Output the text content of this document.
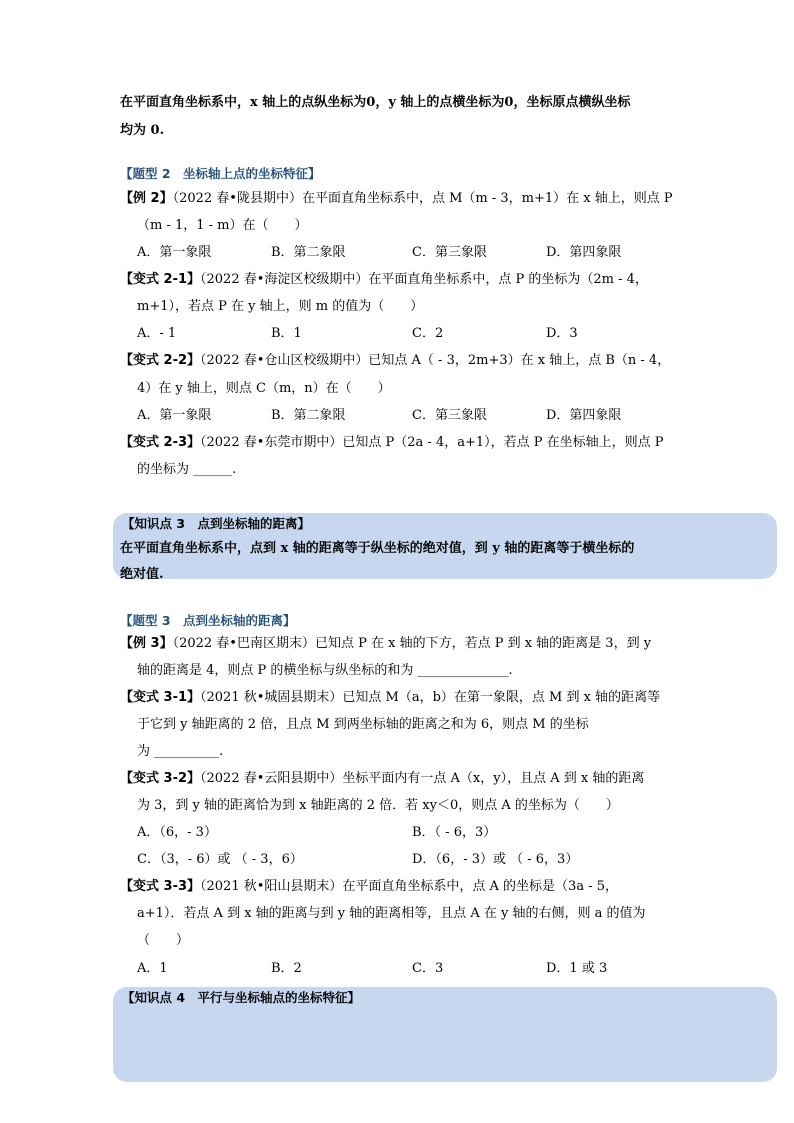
在平面直角坐标系中，x 轴上的点纵坐标为0，y 轴上的点横坐标为0，坐标原点横纵坐标
均为 0.
【题型 2　坐标轴上点的坐标特征】
【例 2】（2022 春•陇县期中）在平面直角坐标系中，点 M（m - 3，m+1）在 x 轴上，则点 P
（m - 1，1 - m）在（　　）
A．第一象限	B．第二象限	C．第三象限	D．第四象限
【变式 2-1】（2022 春•海淀区校级期中）在平面直角坐标系中，点 P 的坐标为（2m - 4，
m+1），若点 P 在 y 轴上，则 m 的值为（　　）
A．- 1	B．1	C．2	D．3
【变式 2-2】（2022 春•仓山区校级期中）已知点 A（ - 3，2m+3）在 x 轴上，点 B（n - 4，
4）在 y 轴上，则点 C（m，n）在（　　）
A．第一象限	B．第二象限	C．第三象限	D．第四象限
【变式 2-3】（2022 春•东莞市期中）已知点 P（2a - 4，a+1），若点 P 在坐标轴上，则点 P
的坐标为 ______.
【知识点 3　点到坐标轴的距离】
在平面直角坐标系中，点到 x 轴的距离等于纵坐标的绝对值，到 y 轴的距离等于横坐标的
绝对值.
【题型 3　点到坐标轴的距离】
【例 3】（2022 春•巴南区期末）已知点 P 在 x 轴的下方，若点 P 到 x 轴的距离是 3，到 y
轴的距离是 4，则点 P 的横坐标与纵坐标的和为 ______________.
【变式 3-1】（2021 秋•城固县期末）已知点 M（a，b）在第一象限，点 M 到 x 轴的距离等
于它到 y 轴距离的 2 倍，且点 M 到两坐标轴的距离之和为 6，则点 M 的坐标
为 __________.
【变式 3-2】（2022 春•云阳县期中）坐标平面内有一点 A（x，y），且点 A 到 x 轴的距离
为 3，到 y 轴的距离恰为到 x 轴距离的 2 倍．若 xy＜0，则点 A 的坐标为（　　）
A．（6，- 3）	B．（ - 6，3）
C．（3，- 6）或 （ - 3，6）	D．（6，- 3）或 （ - 6，3）
【变式 3-3】（2021 秋•阳山县期末）在平面直角坐标系中，点 A 的坐标是（3a - 5，
a+1）．若点 A 到 x 轴的距离与到 y 轴的距离相等，且点 A 在 y 轴的右侧，则 a 的值为
（　　）
A．1	B．2	C．3	D．1 或 3
【知识点 4　平行与坐标轴点的坐标特征】
